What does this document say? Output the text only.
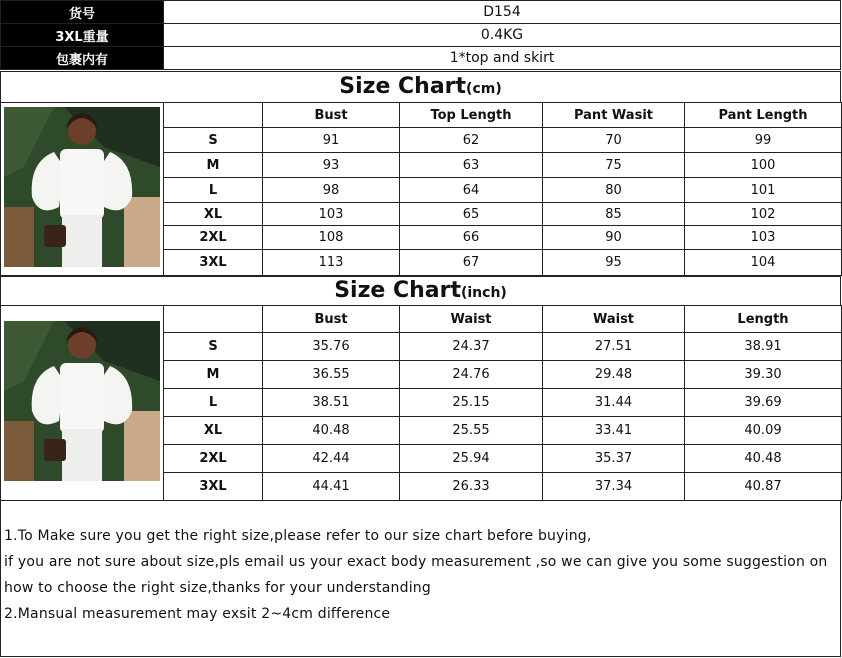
货号	D154
3XL重量	0.4KG
包裹内有	1*top and skirt
Size Chart(cm)
		Bust	Top Length	Pant Wasit	Pant Length
	S	91	62	70	99
	M	93	63	75	100
	L	98	64	80	101
	XL	103	65	85	102
	2XL	108	66	90	103
	3XL	113	67	95	104
Size Chart(inch)
		Bust	Waist	Waist	Length
	S	35.76	24.37	27.51	38.91
	M	36.55	24.76	29.48	39.30
	L	38.51	25.15	31.44	39.69
	XL	40.48	25.55	33.41	40.09
	2XL	42.44	25.94	35.37	40.48
	3XL	44.41	26.33	37.34	40.87

1.To Make sure you get the right size,please refer to our size chart before buying,

if you are not sure about size,pls email us your exact body measurement ,so we can give you some suggestion on how to choose the right size,thanks for your understanding

2.Mansual measurement may exsit 2~4cm difference
